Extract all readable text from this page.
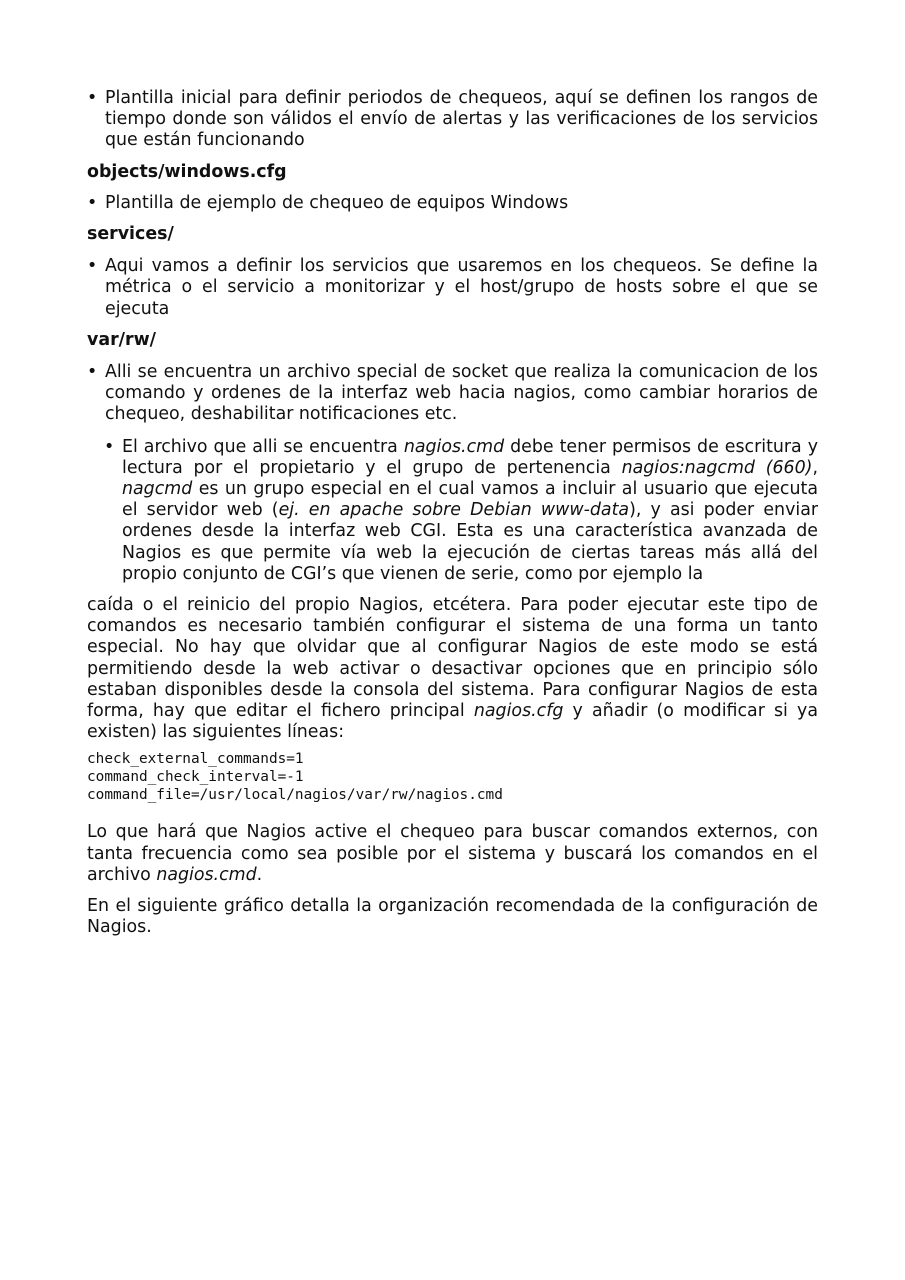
• Plantilla inicial para definir periodos de chequeos, aquí se definen los rangos de tiempo donde son válidos el envío de alertas y las verificaciones de los servicios que están funcionando

objects/windows.cfg

• Plantilla de ejemplo de chequeo de equipos Windows

services/

• Aqui vamos a definir los servicios que usaremos en los chequeos. Se define la métrica o el servicio a monitorizar y el host/grupo de hosts sobre el que se ejecuta

var/rw/

• Alli se encuentra un archivo special de socket que realiza la comunicacion de los comando y ordenes de la interfaz web hacia nagios, como cambiar horarios de chequeo, deshabilitar notificaciones etc.

• El archivo que alli se encuentra nagios.cmd debe tener permisos de escritura y lectura por el propietario y el grupo de pertenencia nagios:nagcmd (660), nagcmd es un grupo especial en el cual vamos a incluir al usuario que ejecuta el servidor web (ej. en apache sobre Debian www-data), y asi poder enviar ordenes desde la interfaz web CGI. Esta es una característica avanzada de Nagios es que permite vía web la ejecución de ciertas tareas más allá del propio conjunto de CGI’s que vienen de serie, como por ejemplo la

caída o el reinicio del propio Nagios, etcétera. Para poder ejecutar este tipo de comandos es necesario también configurar el sistema de una forma un tanto especial. No hay que olvidar que al configurar Nagios de este modo se está permitiendo desde la web activar o desactivar opciones que en principio sólo estaban disponibles desde la consola del sistema. Para configurar Nagios de esta forma, hay que editar el fichero principal nagios.cfg y añadir (o modificar si ya existen) las siguientes líneas:

check_external_commands=1
command_check_interval=-1
command_file=/usr/local/nagios/var/rw/nagios.cmd

Lo que hará que Nagios active el chequeo para buscar comandos externos, con tanta frecuencia como sea posible por el sistema y buscará los comandos en el archivo nagios.cmd.

En el siguiente gráfico detalla la organización recomendada de la configuración de Nagios.
